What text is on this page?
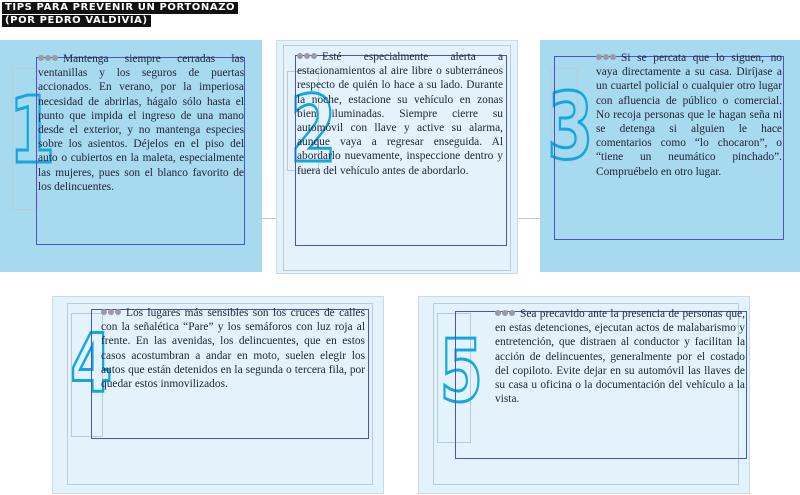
TIPS PARA PREVENIR UN PORTONAZO
(POR PEDRO VALDIVIA)
1

Mantenga siempre cerradas las ventanillas y los seguros de puertas accionados. En verano, por la imperiosa necesidad de abrirlas, hágalo sólo hasta el punto que impida el ingreso de una mano desde el exterior, y no mantenga especies sobre los asientos. Déjelos en el piso del auto o cubiertos en la maleta, especialmente las mujeres, pues son el blanco favorito de los delincuentes.

2

Esté especialmente alerta a estacionamientos al aire libre o subterráneos respecto de quién lo hace a su lado. Durante la noche, estacione su vehículo en zonas bien iluminadas. Siempre cierre su automóvil con llave y active su alarma, aunque vaya a regresar enseguida. Al abordarlo nuevamente, inspeccione dentro y fuera del vehículo antes de abordarlo. 3

Si se percata que lo siguen, no vaya directamente a su casa. Diríjase a un cuartel policial o cualquier otro lugar con afluencia de público o comercial. No recoja personas que le hagan seña ni se detenga si alguien le hace comentarios como “lo chocaron”, o “tiene un neumático pinchado”. Compruébelo en otro lugar.

4

Los lugares más sensibles son los cruces de calles con la señalética “Pare” y los semáforos con luz roja al frente. En las avenidas, los delincuentes, que en estos casos acostumbran a andar en moto, suelen elegir los autos que están detenidos en la segunda o tercera fila, por quedar estos inmovilizados.	5

Sea precavido ante la presencia de personas que, en estas detenciones, ejecutan actos de malabarismo y entretención, que distraen al conductor y facilitan la acción de delincuentes, generalmente por el costado del copiloto. Evite dejar en su automóvil las llaves de su casa u oficina o la documentación del vehículo a la vista.
